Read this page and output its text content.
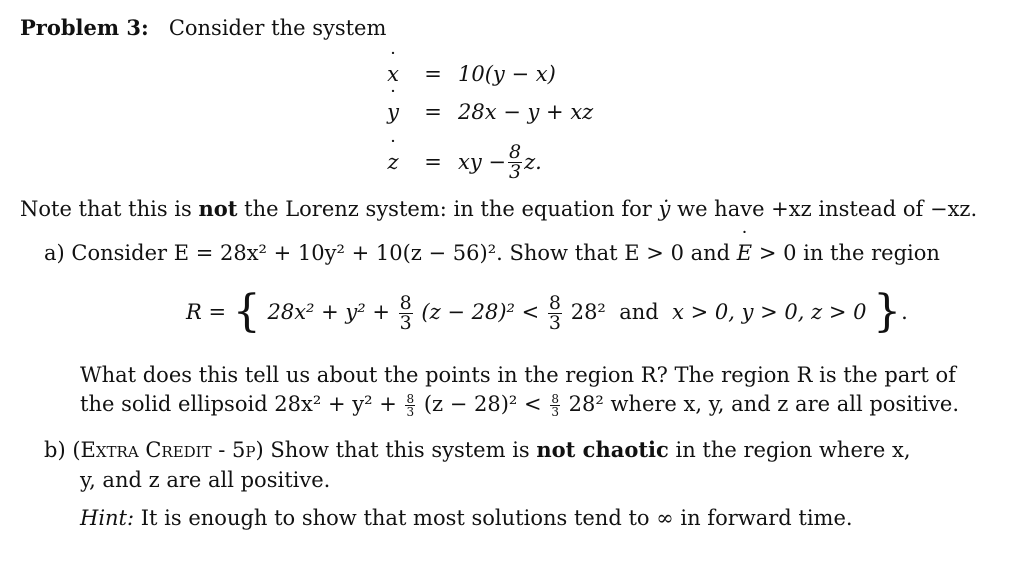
Problem 3: Consider the system
x ˙	= 10(y − x)
y ˙	= 28x − y + xz
z ˙	= xy − $\frac{8}{3} z$.
Note that this is not the Lorenz system: in the equation for ẏ we have +xz instead of −xz.
a) Consider E = 28x² + 10y² + 10(z − 56)². Show that E > 0 and E ˙ > 0 in the region
R = { $28x^2 + y^2 + \frac{8}{3} (z - 28)^2 < \frac{8}{3} 28^2$ and x > 0, y > 0, z > 0 }.
What does this tell us about the points in the region R? The region R is the part of
the solid ellipsoid $28x^2 + y^2 + \frac{8}{3} (z - 28)^2 < \frac{8}{3} 28^2$ where x, y, and z are all positive.
b) (Extra Credit - 5p) Show that this system is not chaotic in the region where x,
y, and z are all positive.
Hint: It is enough to show that most solutions tend to ∞ in forward time.
